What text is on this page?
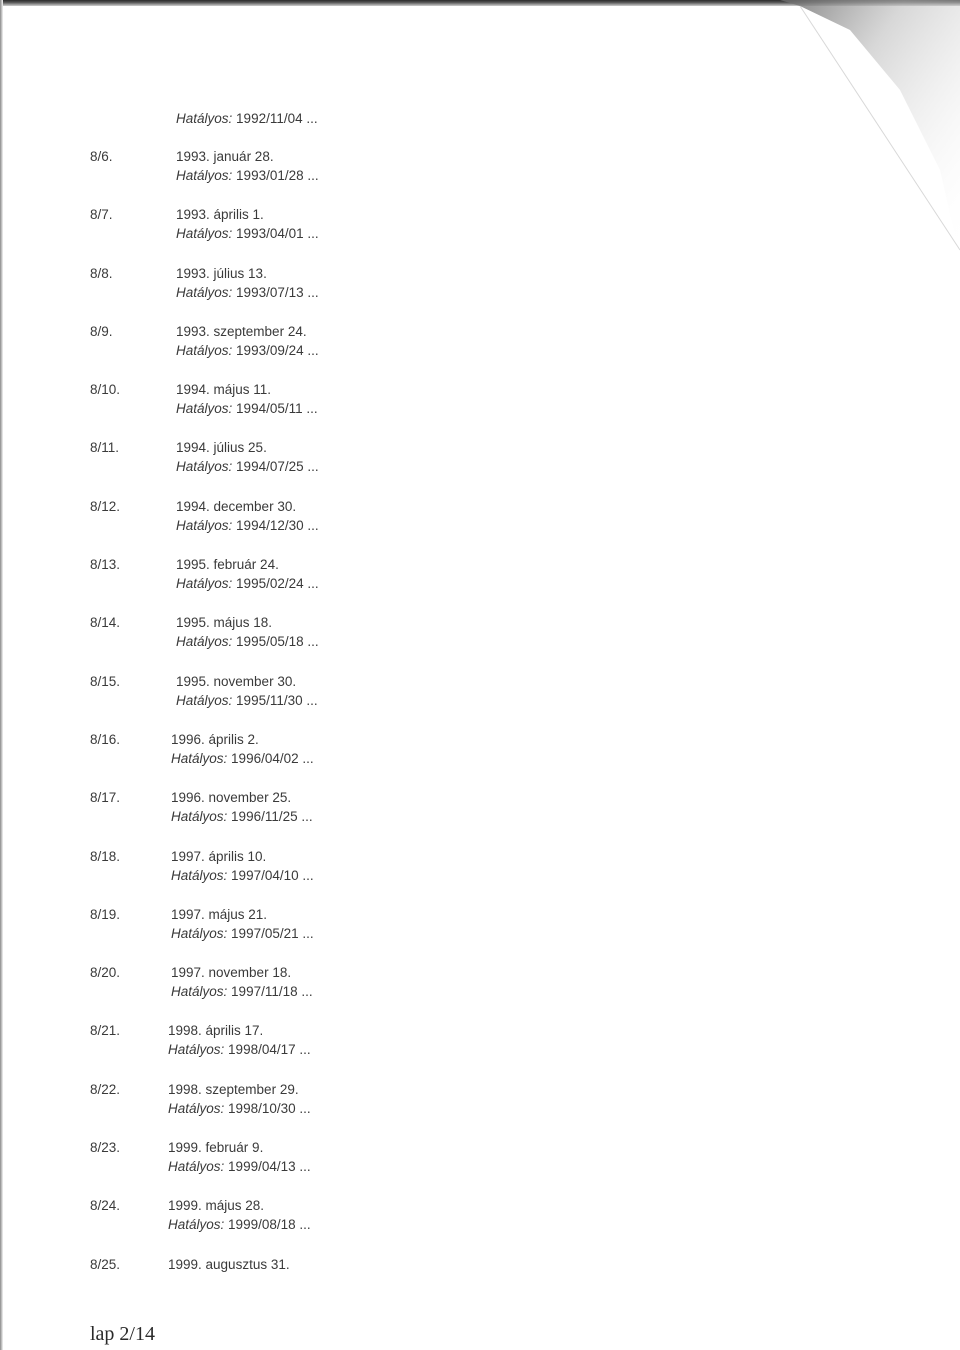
Hatályos: 1992/11/04 ...
8/6.	1993. január 28.
Hatályos: 1993/01/28 ...
8/7.	1993. április 1.
Hatályos: 1993/04/01 ...
8/8.	1993. július 13.
Hatályos: 1993/07/13 ...
8/9.	1993. szeptember 24.
Hatályos: 1993/09/24 ...
8/10.	1994. május 11.
Hatályos: 1994/05/11 ...
8/11.	1994. július 25.
Hatályos: 1994/07/25 ...
8/12.	1994. december 30.
Hatályos: 1994/12/30 ...
8/13.	1995. február 24.
Hatályos: 1995/02/24 ...
8/14.	1995. május 18.
Hatályos: 1995/05/18 ...
8/15.	1995. november 30.
Hatályos: 1995/11/30 ...
8/16.	1996. április 2.
Hatályos: 1996/04/02 ...
8/17.	1996. november 25.
Hatályos: 1996/11/25 ...
8/18.	1997. április 10.
Hatályos: 1997/04/10 ...
8/19.	1997. május 21.
Hatályos: 1997/05/21 ...
8/20.	1997. november 18.
Hatályos: 1997/11/18 ...
8/21.	1998. április 17.
Hatályos: 1998/04/17 ...
8/22.	1998. szeptember 29.
Hatályos: 1998/10/30 ...
8/23.	1999. február 9.
Hatályos: 1999/04/13 ...
8/24.	1999. május 28.
Hatályos: 1999/08/18 ...
8/25.	1999. augusztus 31.
lap 2/14
